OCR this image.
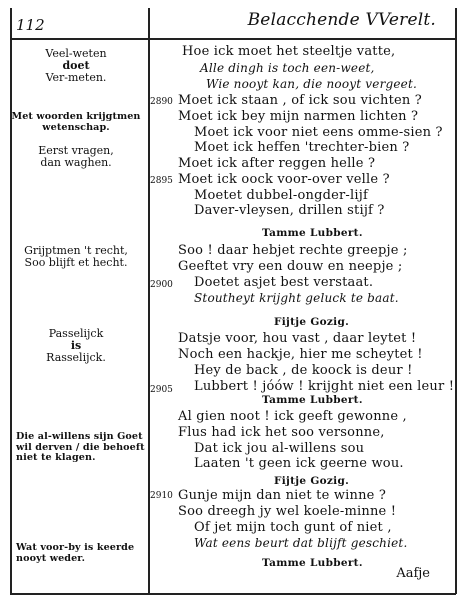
112	Belacchende VVerelt.
Veel-weten
doet
Ver-meten.
Met woorden krijgtmen
wetenschap.
Eerst vragen,
dan waghen.
Grijptmen 't recht,
Soo blijft et hecht.
Passelijck
is
Rasselijck.
Die al-willens sijn Goet
wil derven / die behoeft
niet te klagen.
Wat voor-by is keerde
nooyt weder.
2890
2895
2900
2905
2910
Hoe ick moet het steeltje vatte,
Alle dingh is toch een-weet,
Wie nooyt kan, die nooyt vergeet.
Moet ick staan , of ick sou vichten ?
Moet ick bey mijn narmen lichten ?
Moet ick voor niet eens omme-sien ?
Moet ick heffen 'trechter-bien ?
Moet ick after reggen helle ?
Moet ick oock voor-over velle ?
Moetet dubbel-ongder-lijf
Daver-vleysen, drillen stijf ?
Tamme Lubbert.
Soo ! daar hebjet rechte greepje ;
Geeftet vry een douw en neepje ;
Doetet asjet best verstaat.
Stoutheyt krijght geluck te baat.
Fijtje Gozig.
Datsje voor, hou vast , daar leytet !
Noch een hackje, hier me scheytet !
Hey de back , de koock is deur !
Lubbert ! jóów ! krijght niet een leur !
Tamme Lubbert.
Al gien noot ! ick geeft gewonne ,
Flus had ick het soo versonne,
Dat ick jou al-willens sou
Laaten 't geen ick geerne wou.
Fijtje Gozig.
Gunje mijn dan niet te winne ?
Soo dreegh jy wel koele-minne !
Of jet mijn toch gunt of niet ,
Wat eens beurt dat blijft geschiet.
Tamme Lubbert.
Aafje
